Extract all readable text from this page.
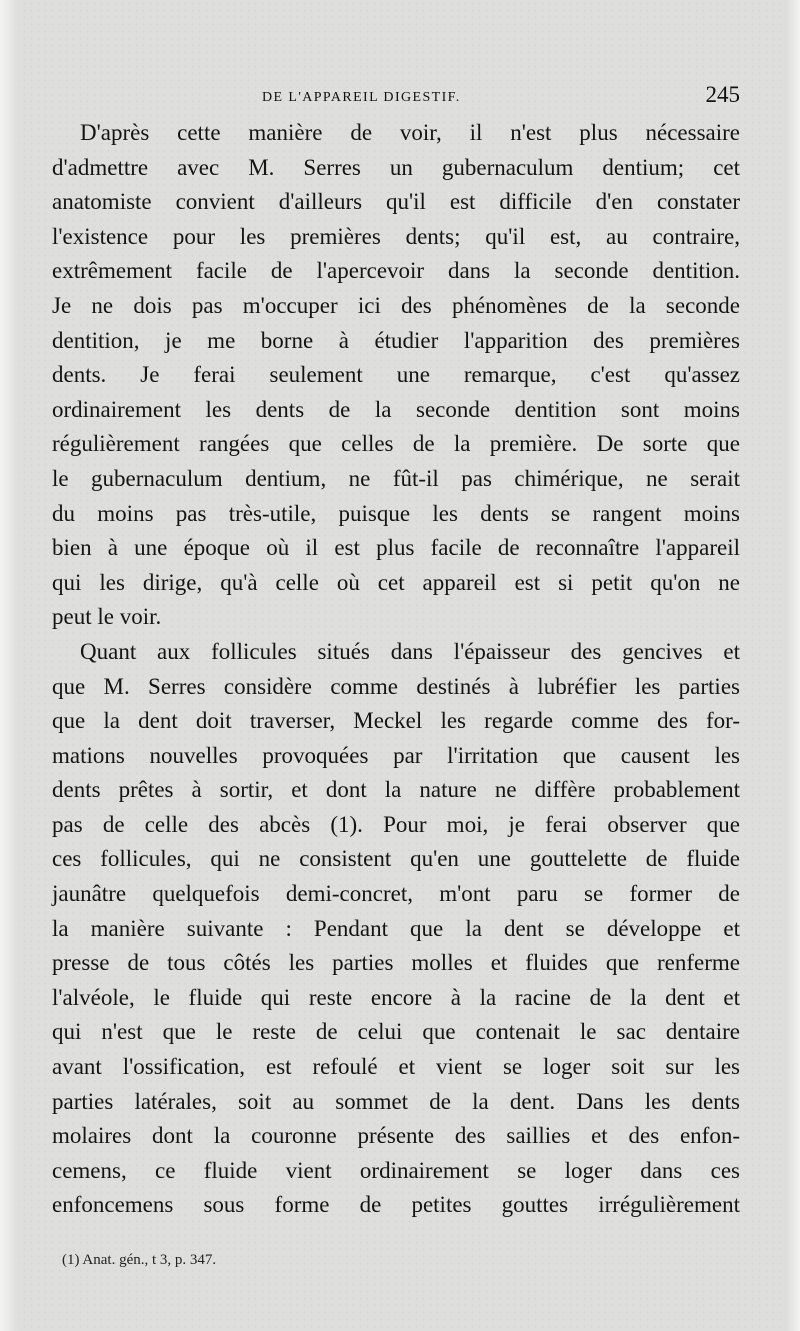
DE L'APPAREIL DIGESTIF.	245
D'après cette manière de voir, il n'est plus nécessaire
d'admettre avec M. Serres un gubernaculum dentium; cet
anatomiste convient d'ailleurs qu'il est difficile d'en constater
l'existence pour les premières dents; qu'il est, au contraire,
extrêmement facile de l'apercevoir dans la seconde dentition.
Je ne dois pas m'occuper ici des phénomènes de la seconde
dentition, je me borne à étudier l'apparition des premières
dents. Je ferai seulement une remarque, c'est qu'assez
ordinairement les dents de la seconde dentition sont moins
régulièrement rangées que celles de la première. De sorte que
le gubernaculum dentium, ne fût-il pas chimérique, ne serait
du moins pas très-utile, puisque les dents se rangent moins
bien à une époque où il est plus facile de reconnaître l'appareil
qui les dirige, qu'à celle où cet appareil est si petit qu'on ne
peut le voir.
Quant aux follicules situés dans l'épaisseur des gencives et
que M. Serres considère comme destinés à lubréfier les parties
que la dent doit traverser, Meckel les regarde comme des for-
mations nouvelles provoquées par l'irritation que causent les
dents prêtes à sortir, et dont la nature ne diffère probablement
pas de celle des abcès (1). Pour moi, je ferai observer que
ces follicules, qui ne consistent qu'en une gouttelette de fluide
jaunâtre quelquefois demi-concret, m'ont paru se former de
la manière suivante : Pendant que la dent se développe et
presse de tous côtés les parties molles et fluides que renferme
l'alvéole, le fluide qui reste encore à la racine de la dent et
qui n'est que le reste de celui que contenait le sac dentaire
avant l'ossification, est refoulé et vient se loger soit sur les
parties latérales, soit au sommet de la dent. Dans les dents
molaires dont la couronne présente des saillies et des enfon-
cemens, ce fluide vient ordinairement se loger dans ces
enfoncemens sous forme de petites gouttes irrégulièrement
(1) Anat. gén., t 3, p. 347.
